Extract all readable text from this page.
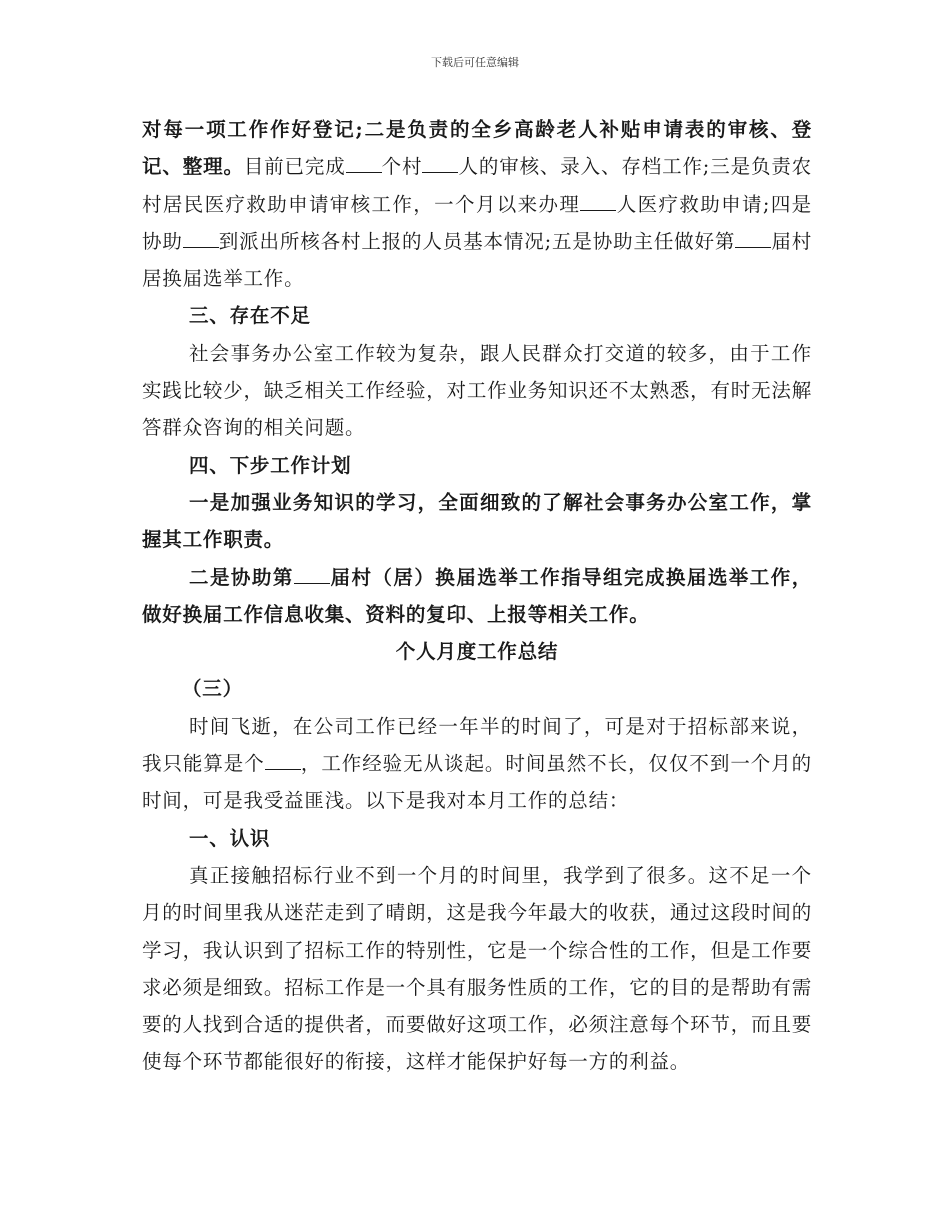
下载后可任意编辑

对每一项工作作好登记;二是负责的全乡高龄老人补贴申请表的审核、登记、整理。目前已完成 个村 人的审核、录入、存档工作;三是负责农村居民医疗救助申请审核工作，一个月以来办理 人医疗救助申请;四是协助 到派出所核各村上报的人员基本情况;五是协助主任做好第 届村居换届选举工作。

三、存在不足

社会事务办公室工作较为复杂，跟人民群众打交道的较多，由于工作实践比较少，缺乏相关工作经验，对工作业务知识还不太熟悉，有时无法解答群众咨询的相关问题。

四、下步工作计划

一是加强业务知识的学习，全面细致的了解社会事务办公室工作，掌握其工作职责。

二是协助第 届村（居）换届选举工作指导组完成换届选举工作，做好换届工作信息收集、资料的复印、上报等相关工作。

个人月度工作总结

（三）

时间飞逝，在公司工作已经一年半的时间了，可是对于招标部来说，我只能算是个 ，工作经验无从谈起。时间虽然不长，仅仅不到一个月的时间，可是我受益匪浅。以下是我对本月工作的总结：

一、认识

真正接触招标行业不到一个月的时间里，我学到了很多。这不足一个月的时间里我从迷茫走到了晴朗，这是我今年最大的收获，通过这段时间的学习，我认识到了招标工作的特别性，它是一个综合性的工作，但是工作要求必须是细致。招标工作是一个具有服务性质的工作，它的目的是帮助有需要的人找到合适的提供者，而要做好这项工作，必须注意每个环节，而且要使每个环节都能很好的衔接，这样才能保护好每一方的利益。
